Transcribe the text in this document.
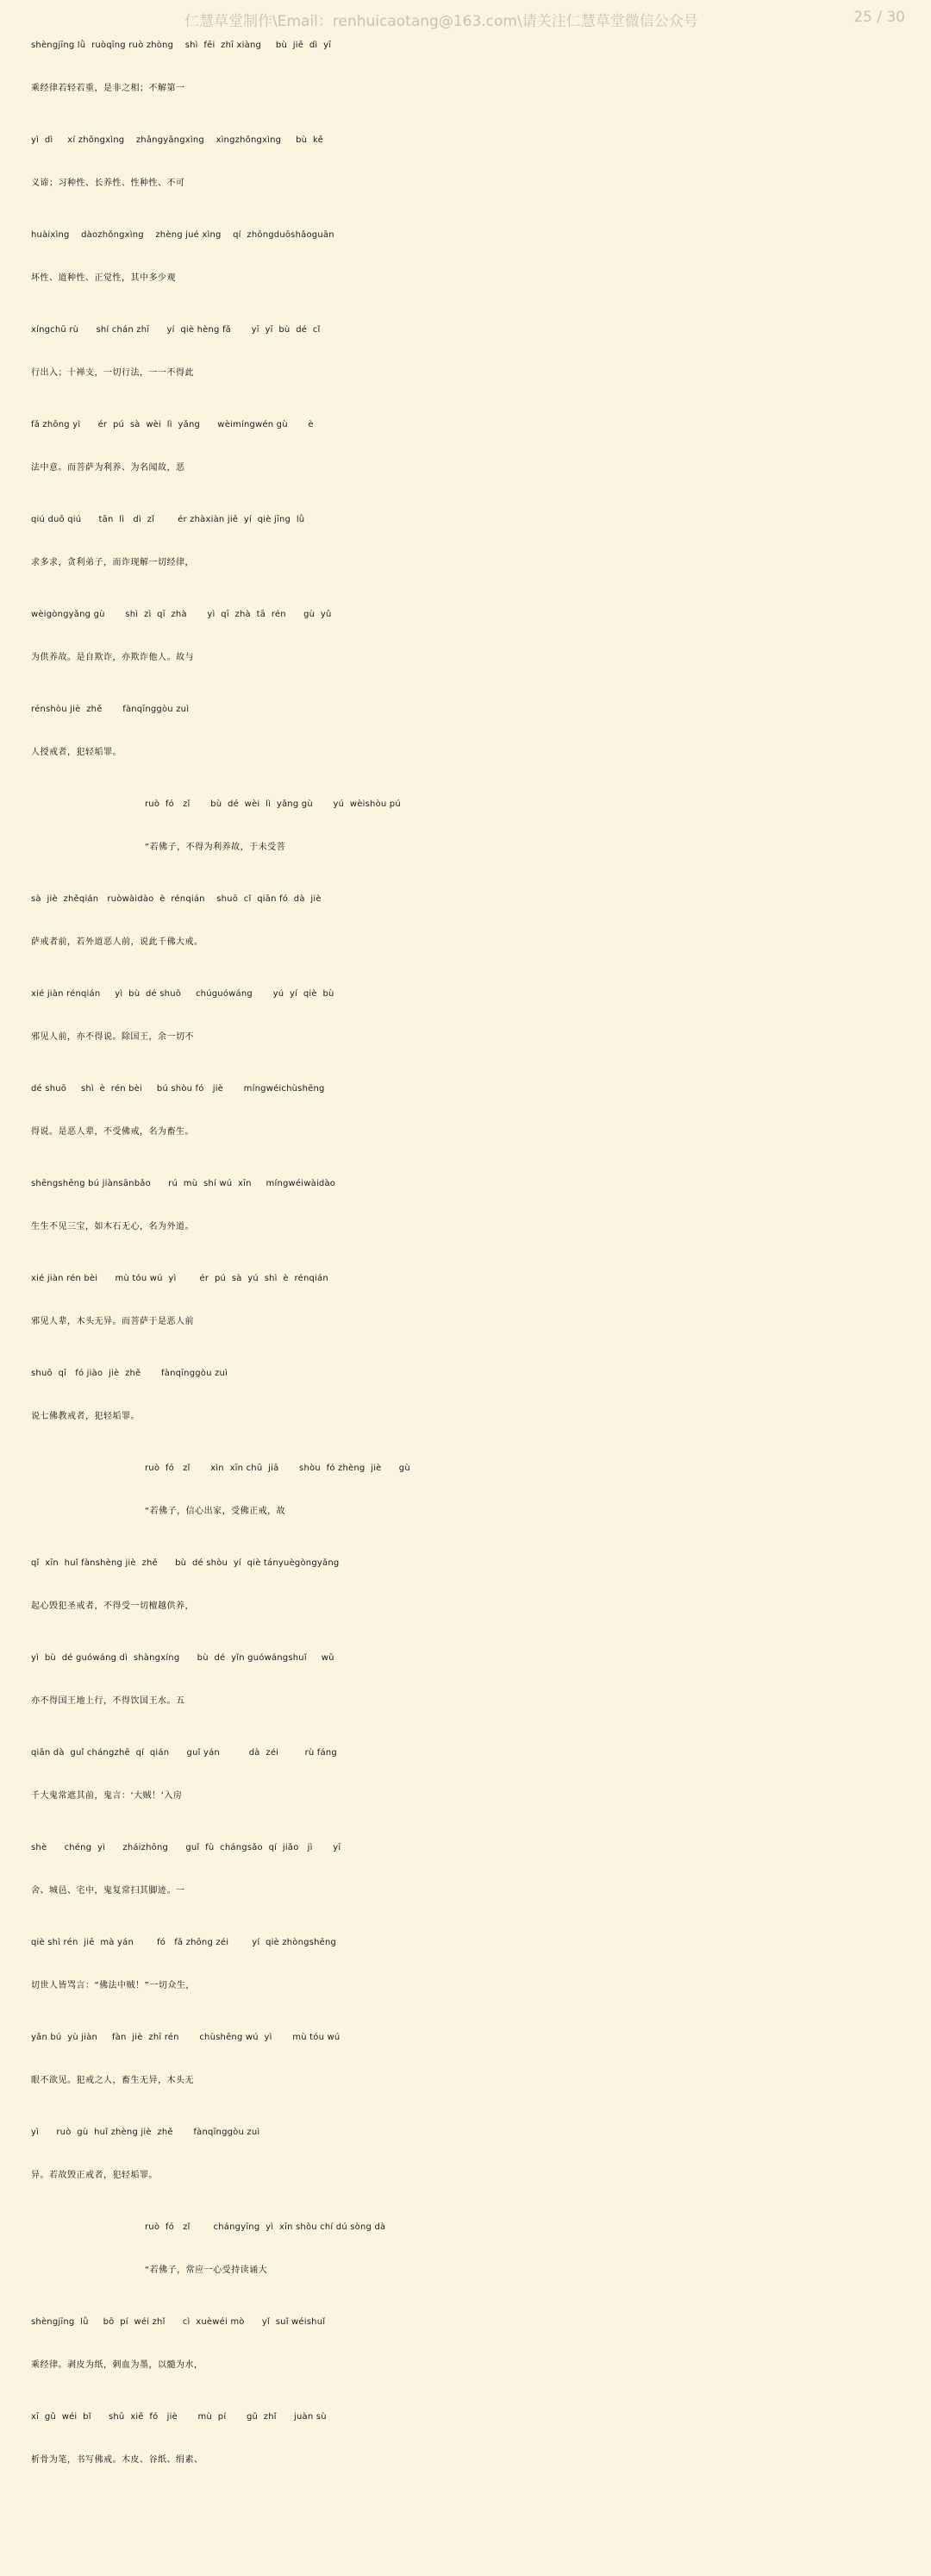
仁慧草堂制作\Email：renhuicaotang@163.com\请关注仁慧草堂微信公众号	25 / 30
shèngjīng lǜ  ruòqīng ruò zhòng    shì  fēi  zhī xiàng     bù  jiě  dì  yī
乘经律若轻若重，是非之相；不解第一
yì  dì     xí zhǒngxìng    zhǎngyǎngxìng    xìngzhǒngxìng     bù  kě
义谛；习种性、长养性、性种性、不可
huàixìng    dàozhǒngxìng    zhèng jué xìng    qí  zhōngduōshǎoguān
坏性、道种性、正觉性，其中多少观
xíngchū rù      shí chán zhī      yí  qiè hèng fǎ       yī  yī  bù  dé  cǐ
行出入；十禅支，一切行法，一一不得此
fǎ zhōng yì      ér  pú  sà  wèi  lì  yǎng      wèimíngwén gù       è
法中意。而菩萨为利养、为名闻故，恶
qiú duō qiú      tān  lì   dì  zǐ        ér zhàxiàn jiě  yí  qiè jīng  lǜ
求多求，贪利弟子，而诈现解一切经律，
wèigòngyǎng gù       shì  zì  qī  zhà       yì  qī  zhà  tā  rén      gù  yǔ
为供养故。是自欺诈，亦欺诈他人。故与
rénshòu jiè  zhě       fànqīnggòu zuì
人授戒者，犯轻垢罪。
ruò  fó   zǐ       bù  dé  wèi  lì  yǎng gù       yú  wèishòu pú
“若佛子，不得为利养故，于未受菩
sà  jiè  zhěqián   ruòwàidào  è  rénqián    shuō  cǐ  qiān fó  dà  jiè
萨戒者前，若外道恶人前，说此千佛大戒。
xié jiàn rénqián     yì  bù  dé shuō     chúguówáng       yú  yí  qiè  bù
邪见人前，亦不得说。除国王，余一切不
dé shuō     shì  è  rén bèi     bú shòu fó   jiè       míngwéichùshēng
得说。是恶人辈，不受佛戒，名为畜生。
shēngshēng bú jiànsānbǎo      rú  mù  shí wú  xīn     míngwéiwàidào
生生不见三宝，如木石无心，名为外道。
xié jiàn rén bèi      mù tóu wú  yì        ér  pú  sà  yú  shì  è  rénqián
邪见人辈，木头无异。而菩萨于是恶人前
shuō  qī   fó jiào  jiè  zhě       fànqīnggòu zuì
说七佛教戒者，犯轻垢罪。
ruò  fó   zǐ       xìn  xīn chū  jiā       shòu  fó zhèng  jiè      gù
“若佛子，信心出家，受佛正戒，故
qǐ  xīn  huǐ fànshèng jiè  zhě      bù  dé shòu  yí  qiè tányuègòngyǎng
起心毁犯圣戒者，不得受一切檀越供养，
yì  bù  dé guówáng dì  shàngxíng      bù  dé  yǐn guówángshuǐ     wǔ
亦不得国王地上行，不得饮国王水。五
qiān dà  guǐ chángzhē  qí  qián      guǐ yán          dà  zéi         rù fáng
千大鬼常遮其前，鬼言：‘大贼！’入房
shè      chéng  yì      zháizhōng      guǐ  fù  chángsǎo  qí  jiǎo   jì       yī
舍、城邑、宅中，鬼复常扫其脚迹。一
qiè shì rén  jiē  mà yán        fó   fǎ zhōng zéi        yí  qiè zhòngshēng
切世人皆骂言：“佛法中贼！”一切众生，
yǎn bú  yù jiàn     fàn  jiè  zhī rén       chùshēng wú  yì       mù tóu wú
眼不欲见。犯戒之人，畜生无异，木头无
yì      ruò  gù  huǐ zhèng jiè  zhě       fànqīnggòu zuì
异。若故毁正戒者，犯轻垢罪。
ruò  fó   zǐ        chángyīng  yì  xīn shòu chí dú sòng dà
“若佛子，常应一心受持读诵大
shèngjīng  lǜ     bō  pí  wéi zhǐ      cì  xuèwéi mò      yǐ  suǐ wéishuǐ
乘经律。剥皮为纸，刺血为墨，以髓为水，
xī  gǔ  wéi  bǐ      shū  xiě  fó   jiè       mù  pí       gǔ  zhǐ      juàn sù
析骨为笔，书写佛戒。木皮、谷纸、绢素、
